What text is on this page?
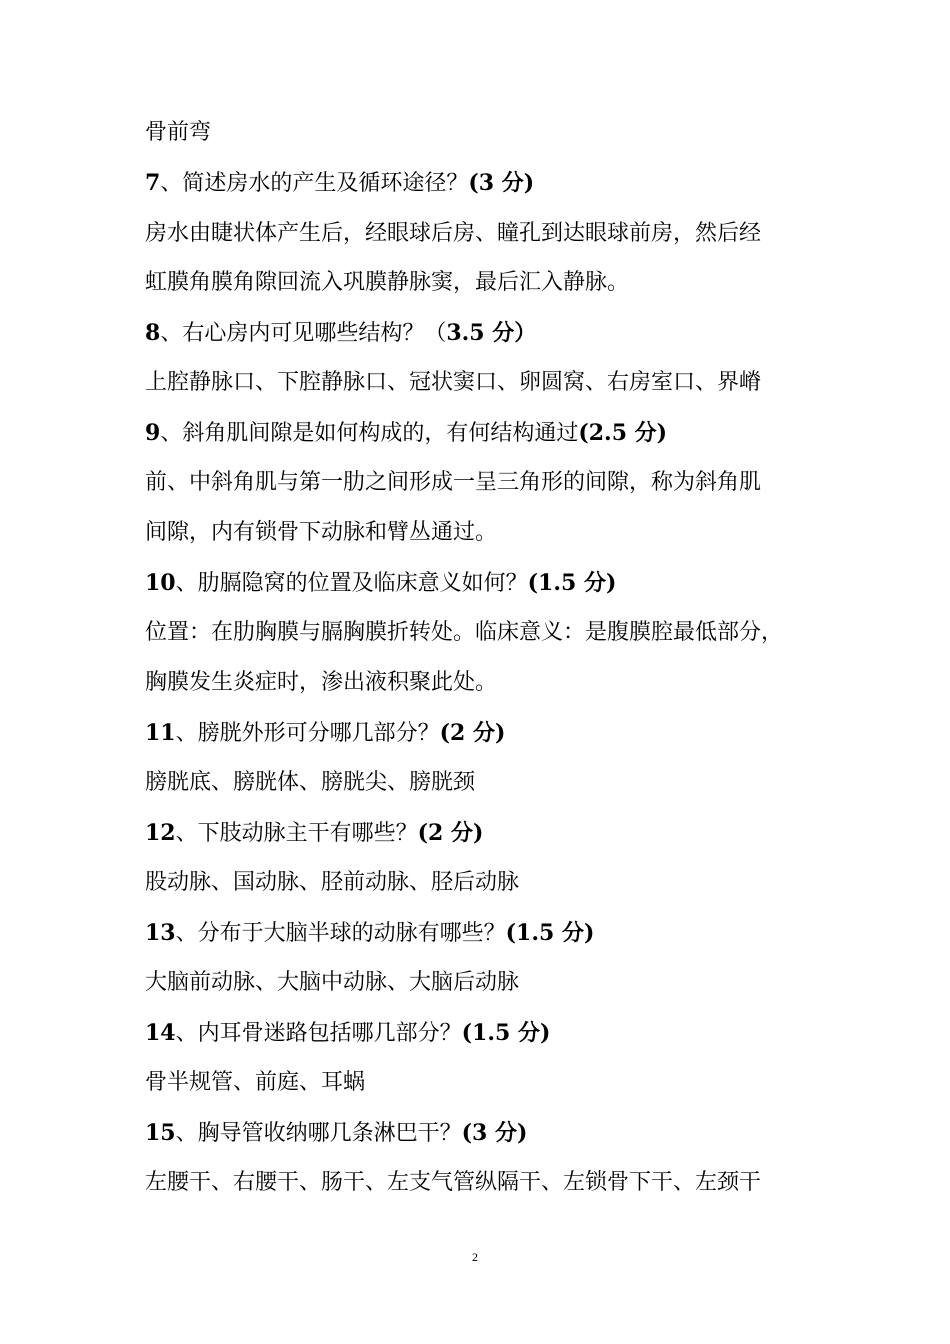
骨前弯
7、简述房水的产生及循环途径？(3 分)
房水由睫状体产生后，经眼球后房、瞳孔到达眼球前房，然后经
虹膜角膜角隙回流入巩膜静脉窦，最后汇入静脉。
8、右心房内可见哪些结构？（3.5 分）
上腔静脉口、下腔静脉口、冠状窦口、卵圆窝、右房室口、界嵴
9、斜角肌间隙是如何构成的，有何结构通过(2.5 分)
前、中斜角肌与第一肋之间形成一呈三角形的间隙，称为斜角肌
间隙，内有锁骨下动脉和臂丛通过。
10、肋膈隐窝的位置及临床意义如何？(1.5 分)
位置：在肋胸膜与膈胸膜折转处。临床意义：是腹膜腔最低部分，
胸膜发生炎症时，渗出液积聚此处。
11、膀胱外形可分哪几部分？(2 分)
膀胱底、膀胱体、膀胱尖、膀胱颈
12、下肢动脉主干有哪些？(2 分)
股动脉、国动脉、胫前动脉、胫后动脉
13、分布于大脑半球的动脉有哪些？(1.5 分)
大脑前动脉、大脑中动脉、大脑后动脉
14、内耳骨迷路包括哪几部分？(1.5 分)
骨半规管、前庭、耳蜗
15、胸导管收纳哪几条淋巴干？(3 分)
左腰干、右腰干、肠干、左支气管纵隔干、左锁骨下干、左颈干
2
